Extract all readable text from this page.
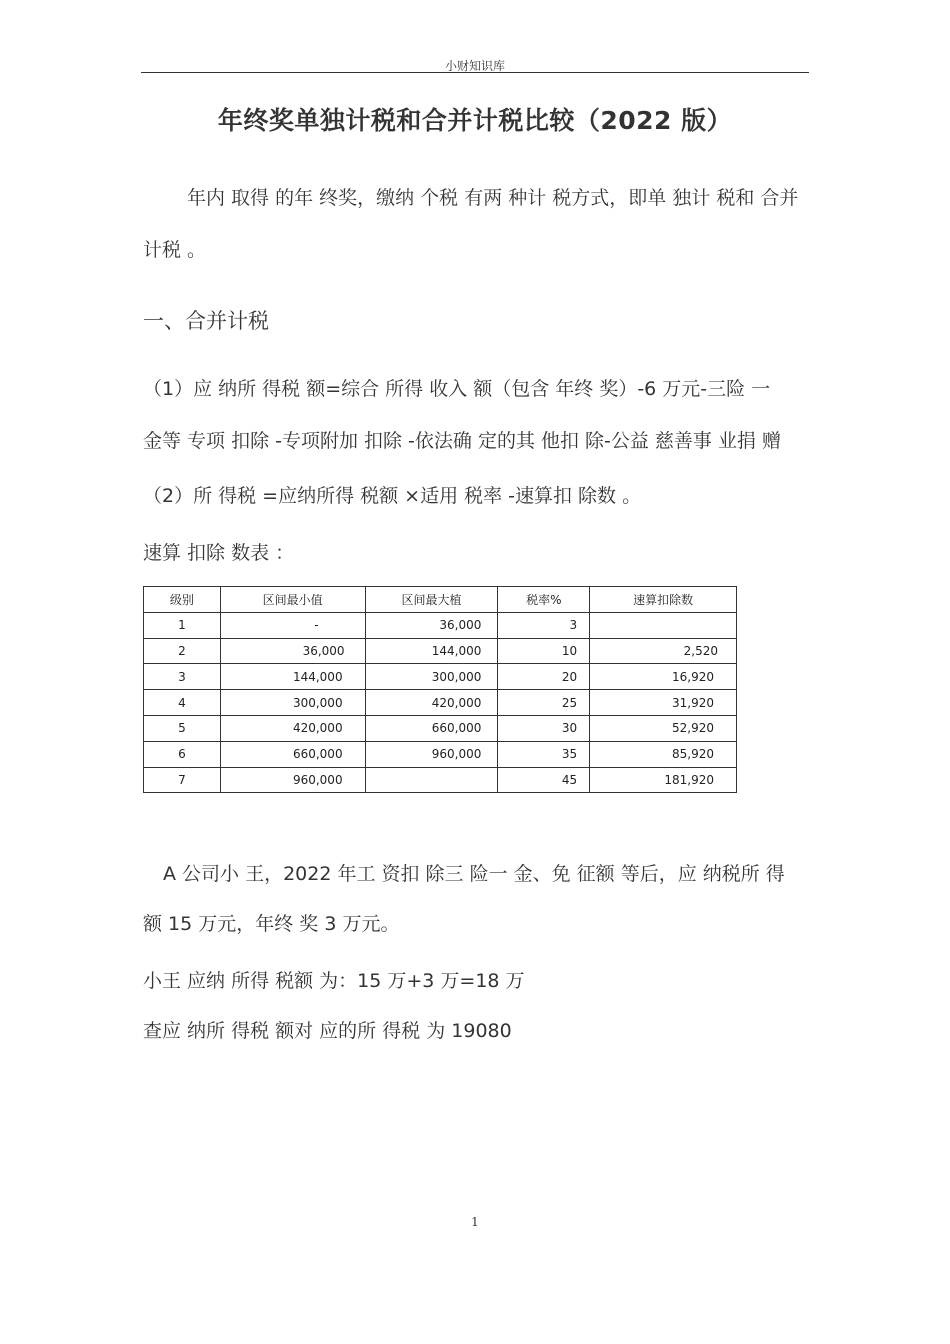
小财知识库
年终奖单独计税和合并计税比较（2022 版）
年内 取得 的年 终奖，缴纳 个税 有两 种计 税方式，即单 独计 税和 合并
计税 。
一、合并计税
（1）应 纳所 得税 额=综合 所得 收入 额（包含 年终 奖）-6 万元-三险 一
金等 专项 扣除 -专项附加 扣除 -依法确 定的其 他扣 除-公益 慈善事 业捐 赠
（2）所 得税 =应纳所得 税额 ×适用 税率 -速算扣 除数 。
速算 扣除 数表 ：
级别	区间最小值	区间最大植	税率%	速算扣除数
1	-	36,000	3	
2	36,000	144,000	10	2,520
3	144,000	300,000	20	16,920
4	300,000	420,000	25	31,920
5	420,000	660,000	30	52,920
6	660,000	960,000	35	85,920
7	960,000		45	181,920
A 公司小 王，2022 年工 资扣 除三 险一 金、免 征额 等后，应 纳税所 得
额 15 万元，年终 奖 3 万元。
小王 应纳 所得 税额 为：15 万+3 万=18 万
查应 纳所 得税 额对 应的所 得税 为 19080
1
